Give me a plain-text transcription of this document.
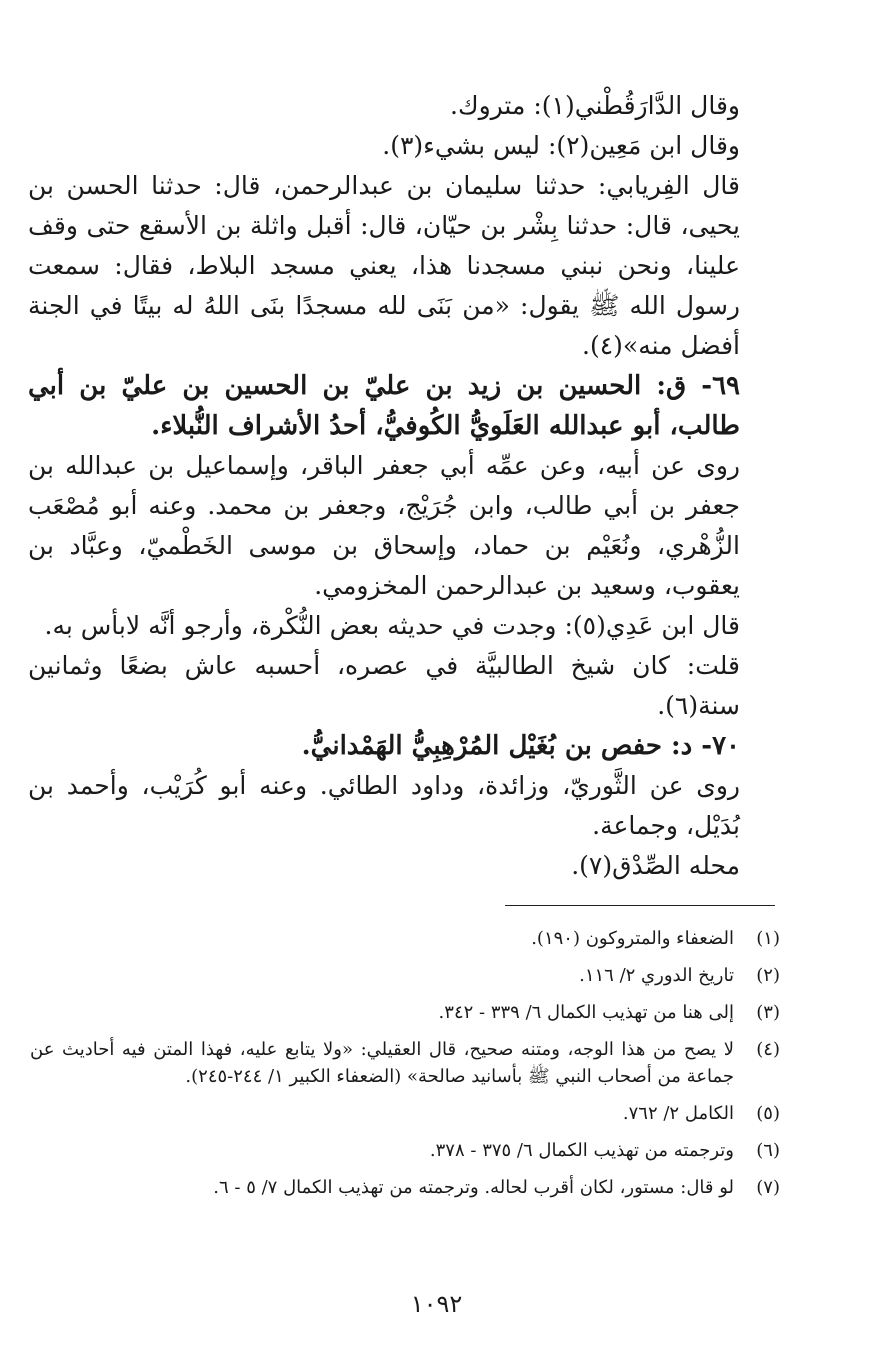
وقال الدَّارَقُطْني(١): متروك.

وقال ابن مَعِين(٢): ليس بشيء(٣).

قال الفِريابي: حدثنا سليمان بن عبدالرحمن، قال: حدثنا الحسن بن يحيى، قال: حدثنا بِشْر بن حيّان، قال: أقبل واثلة بن الأسقع حتى وقف علينا، ونحن نبني مسجدنا هذا، يعني مسجد البلاط، فقال: سمعت رسول الله ﷺ يقول: «من بَنَى لله مسجدًا بنَى اللهُ له بيتًا في الجنة أفضل منه»(٤).

٦٩- ق: الحسين بن زيد بن عليّ بن الحسين بن عليّ بن أبي طالب، أبو عبدالله العَلَويُّ الكُوفيُّ، أحدُ الأشراف النُّبلاء.

روى عن أبيه، وعن عمِّه أبي جعفر الباقر، وإسماعيل بن عبدالله بن جعفر بن أبي طالب، وابن جُرَيْج، وجعفر بن محمد. وعنه أبو مُصْعَب الزُّهْري، ونُعَيْم بن حماد، وإسحاق بن موسى الخَطْميّ، وعبَّاد بن يعقوب، وسعيد بن عبدالرحمن المخزومي.

قال ابن عَدِي(٥): وجدت في حديثه بعض النُّكْرة، وأرجو أنَّه لابأس به.

قلت: كان شيخ الطالبيَّة في عصره، أحسبه عاش بضعًا وثمانين سنة(٦).

٧٠- د: حفص بن بُغَيْل المُرْهِبِيُّ الهَمْدانيُّ.

روى عن الثَّوريّ، وزائدة، وداود الطائي. وعنه أبو كُرَيْب، وأحمد بن بُدَيْل، وجماعة.

محله الصِّدْق(٧).

(١)
الضعفاء والمتروكون (١٩٠).
(٢)
تاريخ الدوري ٢/ ١١٦.
(٣)
إلى هنا من تهذيب الكمال ٦/ ٣٣٩ - ٣٤٢.
(٤)
لا يصح من هذا الوجه، ومتنه صحيح، قال العقيلي: «ولا يتابع عليه، فهذا المتن فيه أحاديث عن جماعة من أصحاب النبي ﷺ بأسانيد صالحة» (الضعفاء الكبير ١/ ٢٤٤-٢٤٥).
(٥)
الكامل ٢/ ٧٦٢.
(٦)
وترجمته من تهذيب الكمال ٦/ ٣٧٥ - ٣٧٨.
(٧)
لو قال: مستور، لكان أقرب لحاله. وترجمته من تهذيب الكمال ٧/ ٥ - ٦.
١٠٩٢
